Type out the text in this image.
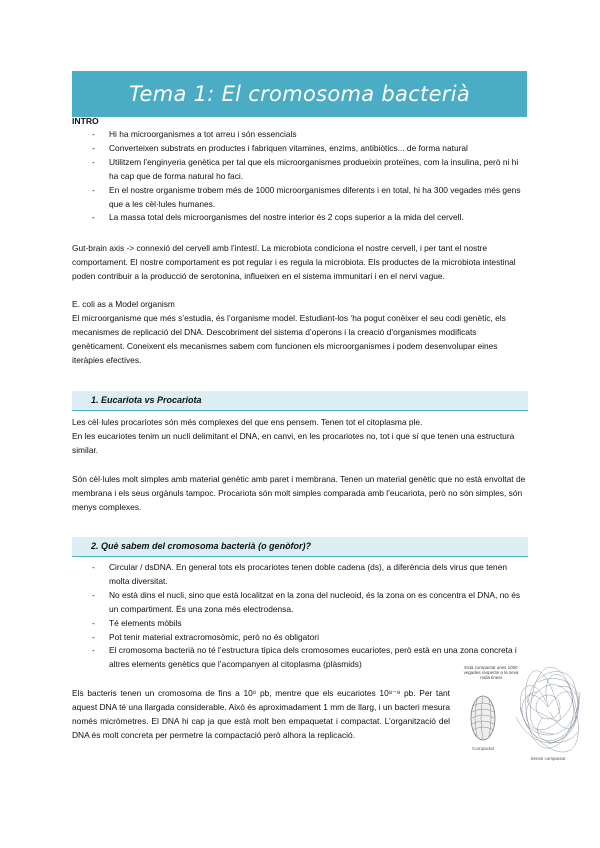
Tema 1: El cromosoma bacterià
INTRO
- Hi ha microorganismes a tot arreu i són essencials
- Converteixen substrats en productes i fabriquen vitamines, enzims, antibiòtics... de forma natural
- Utilitzem l’enginyeria genètica per tal que els microorganismes produeixin proteïnes, com la insulina, però ni hi ha cap que de forma natural ho faci.
- En el nostre organisme trobem més de 1000 microorganismes diferents i en total, hi ha 300 vegades més gens que a les cèl·lules humanes.
- La massa total dels microorganismes del nostre interior és 2 cops superior a la mida del cervell.

Gut-brain axis -> connexió del cervell amb l’intestí. La microbiota condiciona el nostre cervell, i per tant el nostre comportament. El nostre comportament es pot regular i es regula la microbiota. Els productes de la microbiota intestinal poden contribuir a la producció de serotonina, influeixen en el sistema immunitari i en el nervi vague.

E. coli as a Model organism

El microorganisme que més s’estudia, és l’organisme model. Estudiant-los ‘ha pogut conèixer el seu codi genètic, els mecanismes de replicació del DNA. Descobriment del sistema d’operons i la creació d’organismes modificats genèticament. Coneixent els mecanismes sabem com funcionen els microorganismes i podem desenvolupar eines iteràpies efectives.

1. Eucariota vs Procariota

Les cèl·lules procariotes són més complexes del que ens pensem. Tenen tot el citoplasma ple.

En les eucariotes tenim un nucli delimitant el DNA, en canvi, en les procariotes no, tot i que sí que tenen una estructura similar.

Són cèl·lules molt simples amb material genètic amb paret i membrana. Tenen un material genètic que no està envoltat de membrana i els seus orgànuls tampoc. Procariota són molt simples comparada amb l’eucariota, però no són simples, són menys complexes.

2. Què sabem del cromosoma bacterià (o genòfor)?
- Circular / dsDNA. En general tots els procariotes tenen doble cadena (ds), a diferència dels virus que tenen molta diversitat.
- No està dins el nucli, sino que està localitzat en la zona del nucleoid, és la zona on es concentra el DNA, no és un compartiment. És una zona més electrodensa.
- Té elements mòbils
- Pot tenir material extracromosòmic, però no és obligatori
- El cromosoma bacterià no té l’estructura típica dels cromosomes eucariotes, però està en una zona concreta i altres elements genètics que l’acompanyen al citoplasma (plàsmids)

Els bacteris tenen un cromosoma de fins a 10⁶ pb, mentre que els eucariotes 10⁸⁻⁹ pb. Per tant aquest DNA té una llargada considerable. Això és aproximadament 1 mm de llarg, i un bacteri mesura només micròmetres. El DNA hi cap ja que està molt ben empaquetat i compactat. L’organització del DNA és molt concreta per permetre la compactació però alhora la replicació.

Està compactat unes 1000 vegades respecte a la seva mida lineal
Compactat
Sense compactar
